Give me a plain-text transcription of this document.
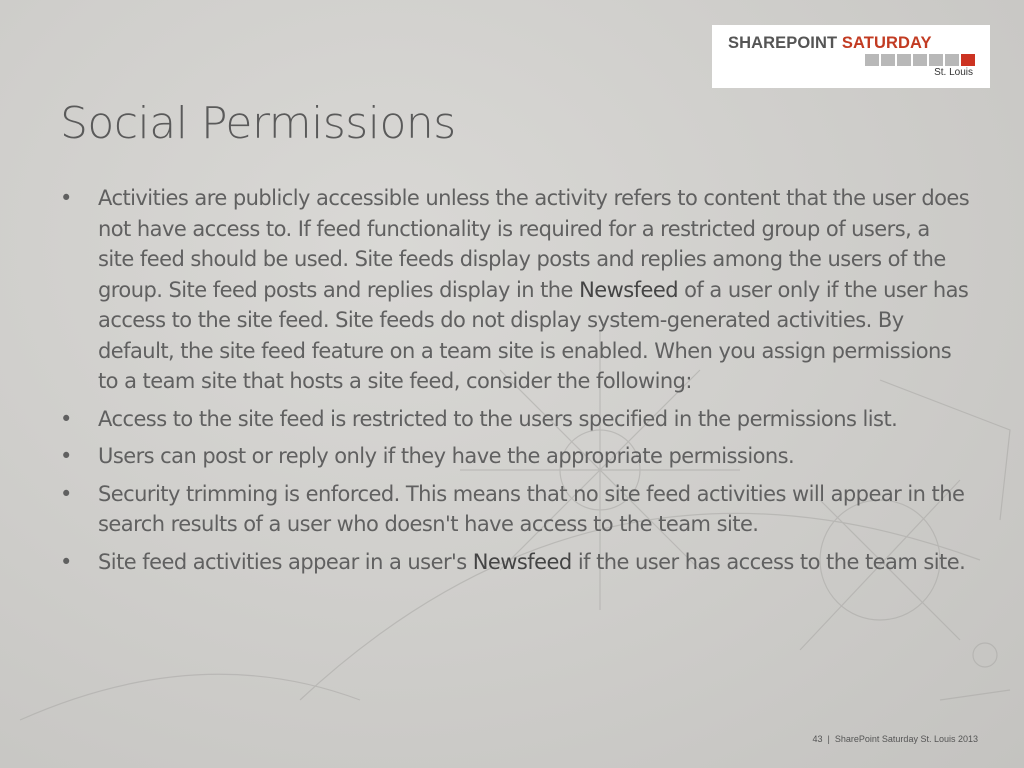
SHAREPOINT SATURDAY
St. Louis
Social Permissions
• Activities are publicly accessible unless the activity refers to content that the user does not have access to. If feed functionality is required for a restricted group of users, a site feed should be used. Site feeds display posts and replies among the users of the group. Site feed posts and replies display in the Newsfeed of a user only if the user has access to the site feed. Site feeds do not display system-generated activities. By default, the site feed feature on a team site is enabled. When you assign permissions to a team site that hosts a site feed, consider the following:
• Access to the site feed is restricted to the users specified in the permissions list.
• Users can post or reply only if they have the appropriate permissions.
• Security trimming is enforced. This means that no site feed activities will appear in the search results of a user who doesn't have access to the team site.
• Site feed activities appear in a user's Newsfeed if the user has access to the team site.
43 | SharePoint Saturday St. Louis 2013
